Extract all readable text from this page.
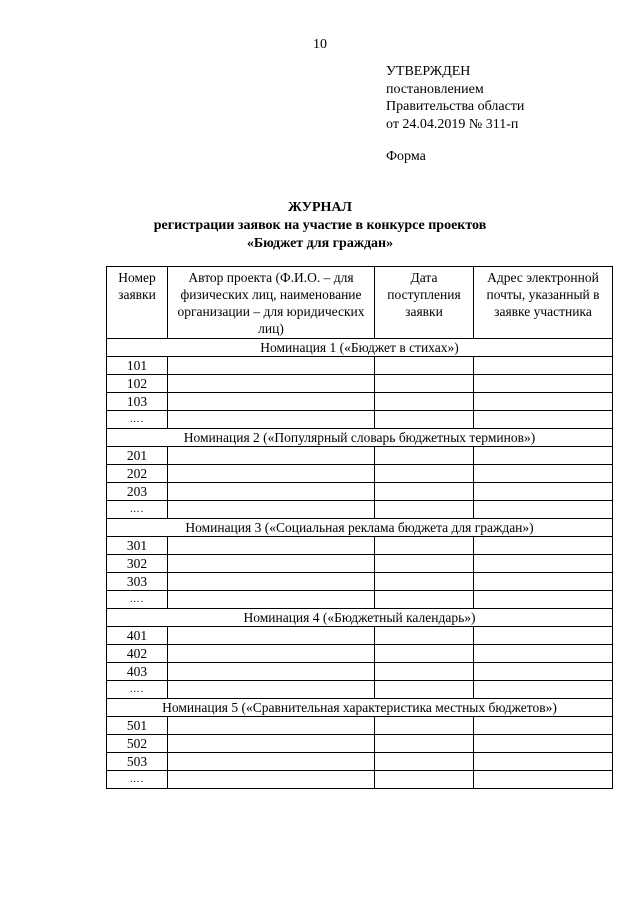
10
УТВЕРЖДЕН
постановлением
Правительства области
от 24.04.2019 № 311-п
Форма
ЖУРНАЛ
регистрации заявок на участие в конкурсе проектов
«Бюджет для граждан»
Номер заявки	Автор проекта (Ф.И.О. – для физических лиц, наименование организации – для юридических лиц)	Дата поступления заявки	Адрес электронной почты, указанный в заявке участника
Номинация 1 («Бюджет в стихах»)			
101			
102			
103			
….			
Номинация 2 («Популярный словарь бюджетных терминов»)			
201			
202			
203			
….			
Номинация 3 («Социальная реклама бюджета для граждан»)			
301			
302			
303			
….			
Номинация 4 («Бюджетный календарь»)			
401			
402			
403			
….			
Номинация 5 («Сравнительная характеристика местных бюджетов»)			
501			
502			
503			
….			
